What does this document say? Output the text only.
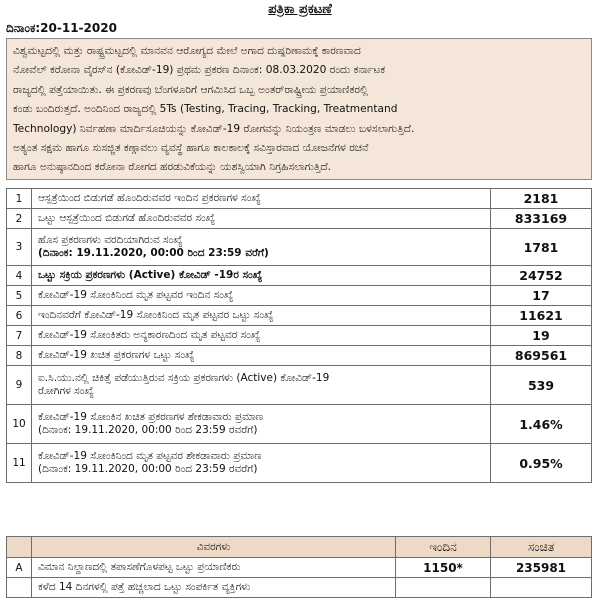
ಪತ್ರಿಕಾ ಪ್ರಕಟಣೆ
ದಿನಾಂಕ:20-11-2020
ವಿಶ್ವಮಟ್ಟದಲ್ಲಿ ಮತ್ತು ರಾಷ್ಟ್ರಮಟ್ಟದಲ್ಲಿ ಮಾನವನ ಆರೋಗ್ಯದ ಮೇಲೆ ಅಗಾದ ದುಷ್ಪರಿಣಾಮಕ್ಕೆ ಕಾರಣವಾದ
ನೋವೆಲ್ ಕರೋನಾ ವೈರಸ್‌ನ (ಕೋವಿಡ್-19) ಪ್ರಥಮ ಪ್ರಕರಣ ದಿನಾಂಕ: 08.03.2020 ರಂದು ಕರ್ನಾಟಕ
ರಾಜ್ಯದಲ್ಲಿ ಪತ್ತೆಯಾಯಿತು. ಈ ಪ್ರಕರಣವು ಬೆಂಗಳೂರಿಗೆ ಆಗಮಿಸಿದ ಒಬ್ಬ ಅಂತರ್‌ರಾಷ್ಟ್ರೀಯ ಪ್ರಯಾಣಿಕರಲ್ಲಿ
ಕಂಡು ಬಂದಿರುತ್ತದೆ. ಅಂದಿನಿಂದ ರಾಜ್ಯದಲ್ಲಿ 5Ts (Testing, Tracing, Tracking, Treatmentand
Technology) ನಿರ್ವಹಣಾ ಮಾರ್ದಿಸೂಚಿಯನ್ನು ಕೋವಿಡ್-19 ರೋಗವನ್ನು ನಿಯಂತ್ರಣ ಮಾಡಲು ಬಳಸಲಾಗುತ್ತಿದೆ.
ಅತ್ಯಂತ ಸಕ್ಷಮ ಹಾಗೂ ಸುಸಜ್ಜಿತ ಕಣ್ಗಾವಲು ವ್ಯವಸ್ಥೆ ಹಾಗೂ ಕಾಲಕಾಲಕ್ಕೆ ಸವಿಸ್ತಾರವಾದ ಯೋಜನೆಗಳ ರಚನೆ
ಹಾಗೂ ಅನುಷ್ಠಾನದಿಂದ ಕರೋನಾ ರೋಗದ ಹರಡುವಿಕೆಯನ್ನು ಯಶಸ್ವಿಯಾಗಿ ನಿಗ್ರಹಿಸಲಾಗುತ್ತಿದೆ.
1	ಆಸ್ಪತ್ರೆಯಿಂದ ಬಿಡುಗಡೆ ಹೊಂದಿರುವವರ ಇಂದಿನ ಪ್ರಕರಣಗಳ ಸಂಖ್ಯೆ	2181
2	ಒಟ್ಟು ಆಸ್ಪತ್ರೆಯಿಂದ ಬಿಡುಗಡೆ ಹೊಂದಿರುವವರ ಸಂಖ್ಯೆ	833169
3	ಹೊಸ ಪ್ರಕರಣಗಳು ವರದಿಯಾಗಿರುವ ಸಂಖ್ಯೆ
(ದಿನಾಂಕ: 19.11.2020, 00:00 ರಿಂದ 23:59 ವರೆಗೆ)	1781
4	ಒಟ್ಟು ಸಕ್ರಿಯ ಪ್ರಕರಣಗಳು (Active) ಕೋವಿಡ್ -19ರ ಸಂಖ್ಯೆ	24752
5	ಕೋವಿಡ್-19 ಸೋಂಕಿನಿಂದ ಮೃತ ಪಟ್ಟವರ ಇಂದಿನ ಸಂಖ್ಯೆ	17
6	ಇಂದಿನವರೆಗೆ ಕೋವಿಡ್-19 ಸೋಂಕಿನಿಂದ ಮೃತ ಪಟ್ಟವರ ಒಟ್ಟು ಸಂಖ್ಯೆ	11621
7	ಕೋವಿಡ್-19 ಸೋಂಕಿತರು ಅನ್ಯಕಾರಣದಿಂದ ಮೃತ ಪಟ್ಟವರ ಸಂಖ್ಯೆ	19
8	ಕೋವಿಡ್-19 ಖಚಿತ ಪ್ರಕರಣಗಳ ಒಟ್ಟು ಸಂಖ್ಯೆ	869561
9	ಐ.ಸಿ.ಯು.ನಲ್ಲಿ ಚಿಕಿತ್ಸೆ ಪಡೆಯುತ್ತಿರುವ ಸಕ್ರಿಯ ಪ್ರಕರಣಗಳು (Active) ಕೋವಿಡ್-19
ರೋಗಿಗಳ ಸಂಖ್ಯೆ	539
10	ಕೋವಿಡ್-19 ಸೋಂಕಿನ ಖಚಿತ ಪ್ರಕರಣಗಳ ಶೇಕಡಾವಾರು ಪ್ರಮಾಣ
(ದಿನಾಂಕ: 19.11.2020, 00:00 ರಿಂದ 23:59 ರವರೆಗೆ)	1.46%
11	ಕೋವಿಡ್-19 ಸೋಂಕಿನಿಂದ ಮೃತ ಪಟ್ಟವರ ಶೇಕಡಾವಾರು ಪ್ರಮಾಣ
(ದಿನಾಂಕ: 19.11.2020, 00:00 ರಿಂದ 23:59 ರವರೆಗೆ)	0.95%
	ವಿವರಗಳು	ಇಂದಿನ	ಸಂಚಿತ
A	ವಿಮಾನ ನಿಲ್ದಾಣದಲ್ಲಿ ತಪಾಸಣೆಗೊಳಪಟ್ಟ ಒಟ್ಟು ಪ್ರಯಾಣಿಕರು	1150*	235981
	ಕಳೆದ 14 ದಿನಗಳಲ್ಲಿ ಪತ್ತೆ ಹಚ್ಚಲಾದ ಒಟ್ಟು ಸಂಪರ್ಕಿತ ವ್ಯಕ್ತಿಗಳು		
